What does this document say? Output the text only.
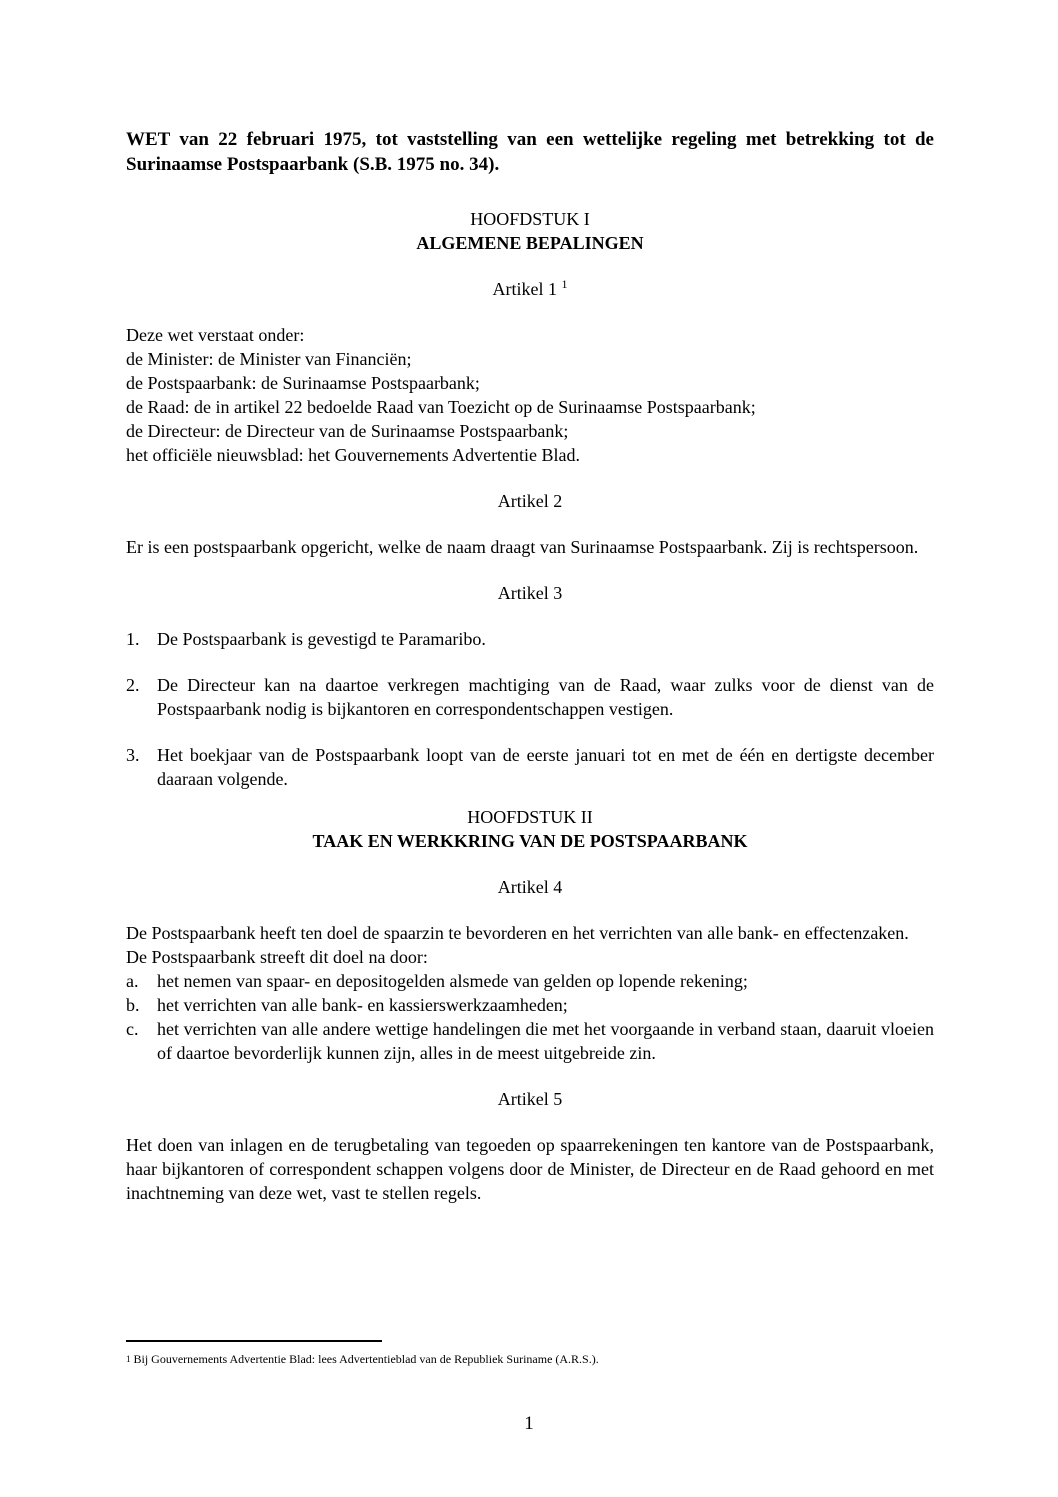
WET van 22 februari 1975, tot vaststelling van een wettelijke regeling met betrekking tot de Surinaamse Postspaarbank (S.B. 1975 no. 34).

HOOFDSTUK I

ALGEMENE BEPALINGEN

Artikel 1 $^1$

Deze wet verstaat onder:

de Minister: de Minister van Financiën;

de Postspaarbank: de Surinaamse Postspaarbank;

de Raad: de in artikel 22 bedoelde Raad van Toezicht op de Surinaamse Postspaarbank;

de Directeur: de Directeur van de Surinaamse Postspaarbank;

het officiële nieuwsblad: het Gouvernements Advertentie Blad.

Artikel 2

Er is een postspaarbank opgericht, welke de naam draagt van Surinaamse Postspaarbank. Zij is rechtspersoon.

Artikel 3

1. De Postspaarbank is gevestigd te Paramaribo.
2. De Directeur kan na daartoe verkregen machtiging van de Raad, waar zulks voor de dienst van de Postspaarbank nodig is bijkantoren en correspondentschappen vestigen.
3. Het boekjaar van de Postspaarbank loopt van de eerste januari tot en met de één en dertigste december daaraan volgende.

HOOFDSTUK II

TAAK EN WERKKRING VAN DE POSTSPAARBANK

Artikel 4

De Postspaarbank heeft ten doel de spaarzin te bevorderen en het verrichten van alle bank- en effectenzaken.

De Postspaarbank streeft dit doel na door:

a.	het nemen van spaar- en depositogelden alsmede van gelden op lopende rekening;
b. het verrichten van alle bank- en kassierswerkzaamheden;
c.	het verrichten van alle andere wettige handelingen die met het voorgaande in verband staan, daaruit vloeien of daartoe bevorderlijk kunnen zijn, alles in de meest uitgebreide zin.

Artikel 5

Het doen van inlagen en de terugbetaling van tegoeden op spaarrekeningen ten kantore van de Postspaarbank, haar bijkantoren of correspondent schappen volgens door de Minister, de Directeur en de Raad gehoord en met inachtneming van deze wet, vast te stellen regels.

$^1$ Bij Gouvernements Advertentie Blad: lees Advertentieblad van de Republiek Suriname (A.R.S.).

1
